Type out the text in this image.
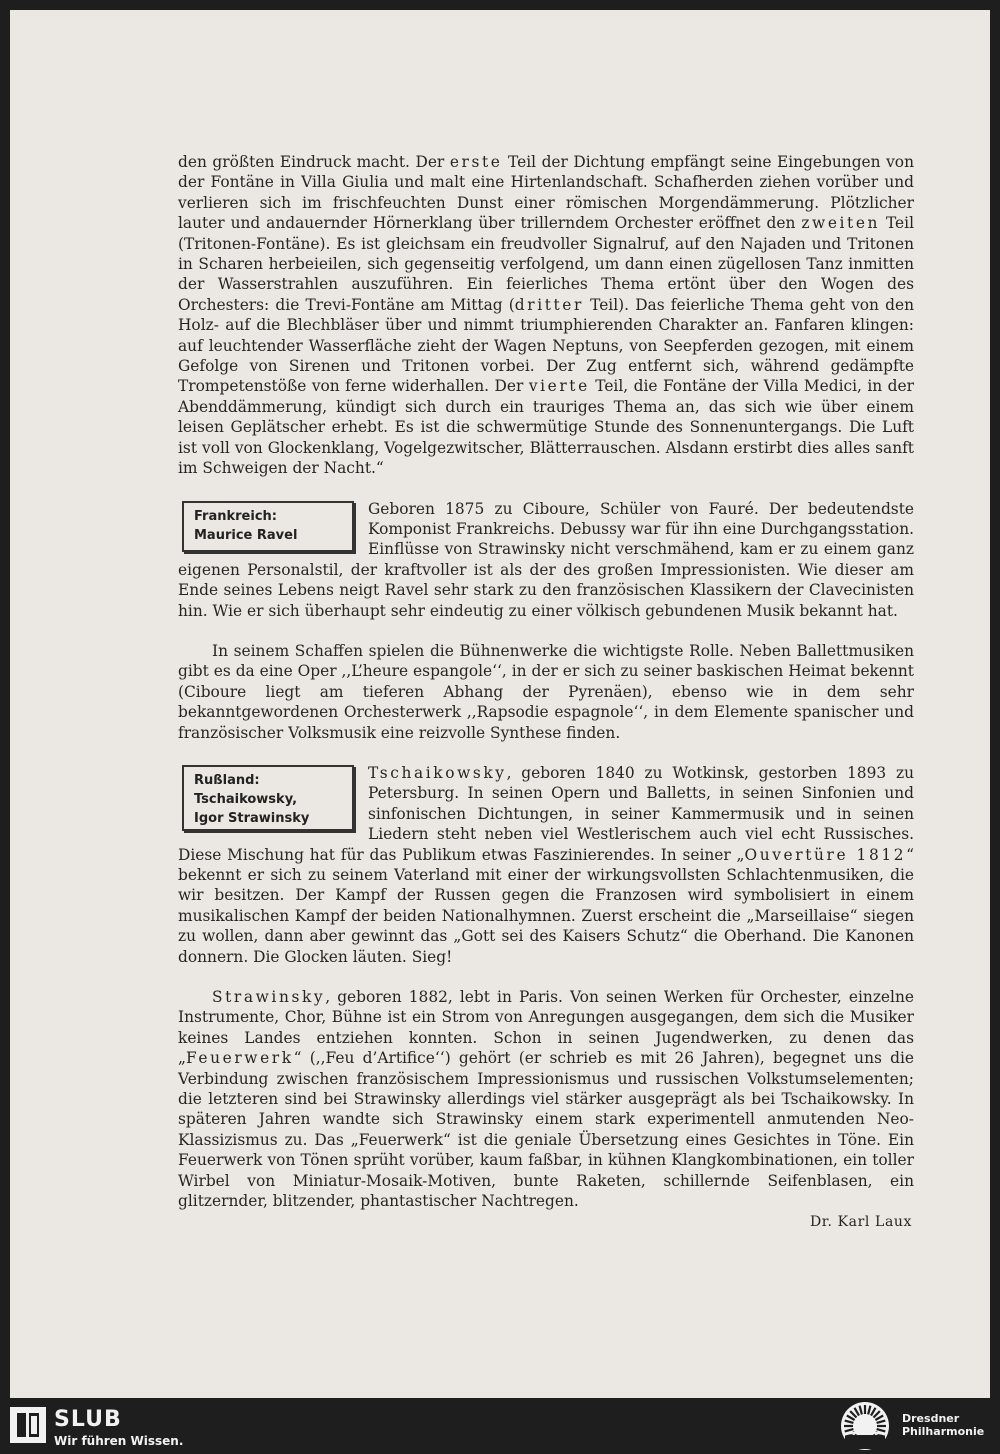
den größten Eindruck macht. Der erste Teil der Dichtung empfängt seine Eingebungen von der Fontäne in Villa Giulia und malt eine Hirtenlandschaft. Schafherden ziehen vorüber und verlieren sich im frischfeuchten Dunst einer römischen Morgendämmerung. Plötzlicher lauter und andauernder Hörnerklang über trillerndem Orchester eröffnet den zweiten Teil (Tritonen-Fontäne). Es ist gleichsam ein freudvoller Signalruf, auf den Najaden und Tritonen in Scharen herbeieilen, sich gegenseitig verfolgend, um dann einen zügellosen Tanz inmitten der Wasserstrahlen auszuführen. Ein feierliches Thema ertönt über den Wogen des Orchesters: die Trevi-Fontäne am Mittag (dritter Teil). Das feierliche Thema geht von den Holz- auf die Blechbläser über und nimmt triumphierenden Charakter an. Fanfaren klingen: auf leuchtender Wasserfläche zieht der Wagen Neptuns, von Seepferden gezogen, mit einem Gefolge von Sirenen und Tritonen vorbei. Der Zug entfernt sich, während gedämpfte Trompetenstöße von ferne widerhallen. Der vierte Teil, die Fontäne der Villa Medici, in der Abenddämmerung, kündigt sich durch ein trauriges Thema an, das sich wie über einem leisen Geplätscher erhebt. Es ist die schwermütige Stunde des Sonnenuntergangs. Die Luft ist voll von Glockenklang, Vogelgezwitscher, Blätterrauschen. Alsdann erstirbt dies alles sanft im Schweigen der Nacht.“

Frankreich:
Maurice Ravel

Geboren 1875 zu Ciboure, Schüler von Fauré. Der bedeutendste Komponist Frankreichs. Debussy war für ihn eine Durchgangsstation. Einflüsse von Strawinsky nicht verschmähend, kam er zu einem ganz eigenen Personalstil, der kraftvoller ist als der des großen Impressionisten. Wie dieser am Ende seines Lebens neigt Ravel sehr stark zu den französischen Klassikern der Clavecinisten hin. Wie er sich überhaupt sehr eindeutig zu einer völkisch gebundenen Musik bekannt hat.

In seinem Schaffen spielen die Bühnenwerke die wichtigste Rolle. Neben Ballettmusiken gibt es da eine Oper ,,L’heure espangole‘‘, in der er sich zu seiner baskischen Heimat bekennt (Ciboure liegt am tieferen Abhang der Pyrenäen), ebenso wie in dem sehr bekanntgewordenen Orchesterwerk ,,Rapsodie espagnole‘‘, in dem Elemente spanischer und französischer Volksmusik eine reizvolle Synthese finden.

Rußland:
Tschaikowsky,
Igor Strawinsky

Tschaikowsky, geboren 1840 zu Wotkinsk, gestorben 1893 zu Petersburg. In seinen Opern und Balletts, in seinen Sinfonien und sinfonischen Dichtungen, in seiner Kammermusik und in seinen Liedern steht neben viel Westlerischem auch viel echt Russisches. Diese Mischung hat für das Publikum etwas Faszinierendes. In seiner „Ouvertüre 1812“ bekennt er sich zu seinem Vaterland mit einer der wirkungsvollsten Schlachtenmusiken, die wir besitzen. Der Kampf der Russen gegen die Franzosen wird symbolisiert in einem musikalischen Kampf der beiden Nationalhymnen. Zuerst erscheint die „Marseillaise“ siegen zu wollen, dann aber gewinnt das „Gott sei des Kaisers Schutz“ die Oberhand. Die Kanonen donnern. Die Glocken läuten. Sieg!

Strawinsky, geboren 1882, lebt in Paris. Von seinen Werken für Orchester, einzelne Instrumente, Chor, Bühne ist ein Strom von Anregungen ausgegangen, dem sich die Musiker keines Landes entziehen konnten. Schon in seinen Jugendwerken, zu denen das „Feuerwerk“ (,,Feu d’Artifice‘‘) gehört (er schrieb es mit 26 Jahren), begegnet uns die Verbindung zwischen französischem Impressionismus und russischen Volkstumselementen; die letzteren sind bei Strawinsky allerdings viel stärker ausgeprägt als bei Tschaikowsky. In späteren Jahren wandte sich Strawinsky einem stark experimentell anmutenden Neo-Klassizismus zu. Das „Feuerwerk“ ist die geniale Übersetzung eines Gesichtes in Töne. Ein Feuerwerk von Tönen sprüht vorüber, kaum faßbar, in kühnen Klangkombinationen, ein toller Wirbel von Miniatur-Mosaik-Motiven, bunte Raketen, schillernde Seifenblasen, ein glitzernder, blitzender, phantastischer Nachtregen.

Dr. Karl Laux

SLUB
Wir führen Wissen.
Dresdner
Philharmonie
